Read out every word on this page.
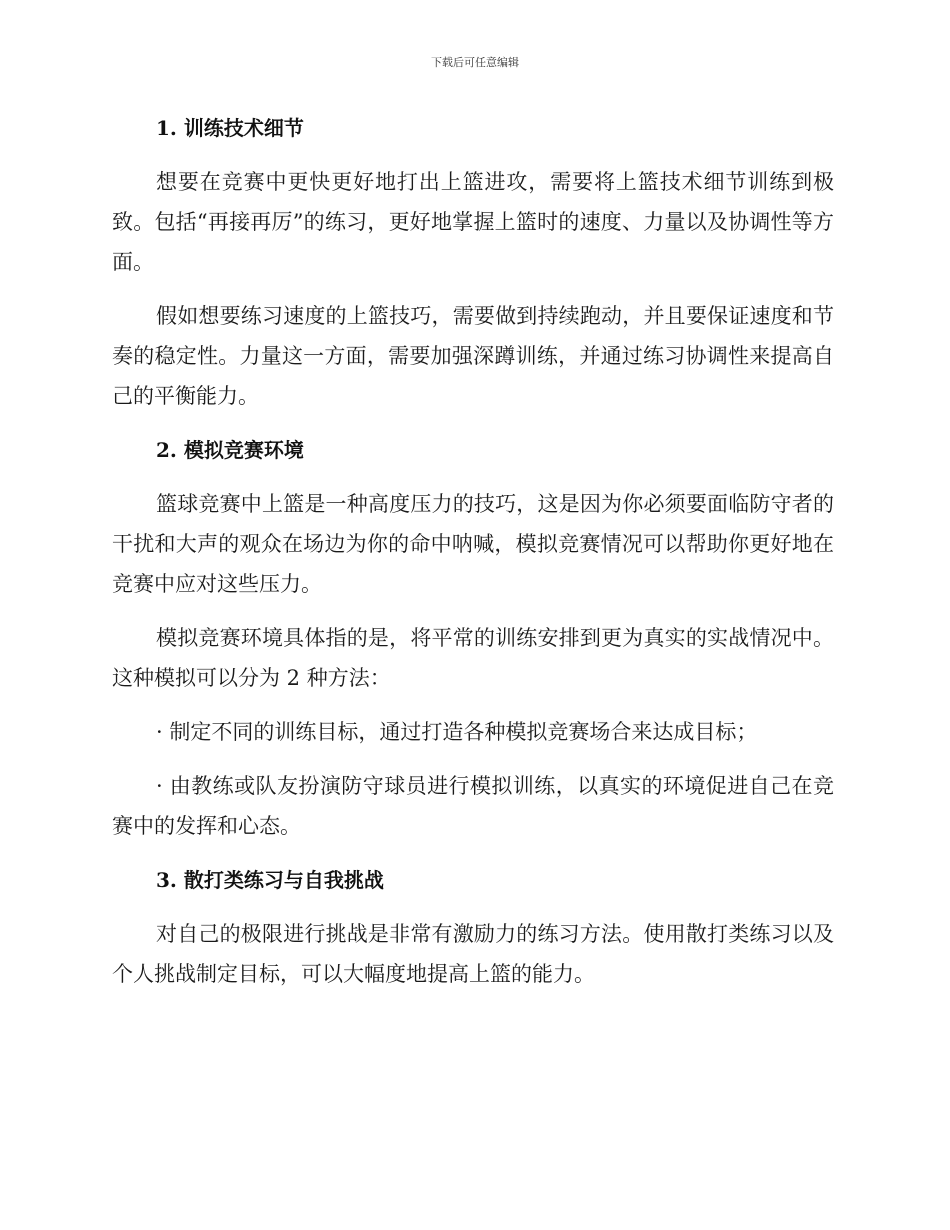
下载后可任意编辑
1. 训练技术细节

想要在竞赛中更快更好地打出上篮进攻，需要将上篮技术细节训练到极致。包括“再接再厉”的练习，更好地掌握上篮时的速度、力量以及协调性等方面。

假如想要练习速度的上篮技巧，需要做到持续跑动，并且要保证速度和节奏的稳定性。力量这一方面，需要加强深蹲训练，并通过练习协调性来提高自己的平衡能力。

2. 模拟竞赛环境

篮球竞赛中上篮是一种高度压力的技巧，这是因为你必须要面临防守者的干扰和大声的观众在场边为你的命中呐喊，模拟竞赛情况可以帮助你更好地在竞赛中应对这些压力。

模拟竞赛环境具体指的是，将平常的训练安排到更为真实的实战情况中。这种模拟可以分为 2 种方法：

· 制定不同的训练目标，通过打造各种模拟竞赛场合来达成目标；

· 由教练或队友扮演防守球员进行模拟训练，以真实的环境促进自己在竞赛中的发挥和心态。

3. 散打类练习与自我挑战

对自己的极限进行挑战是非常有激励力的练习方法。使用散打类练习以及个人挑战制定目标，可以大幅度地提高上篮的能力。
